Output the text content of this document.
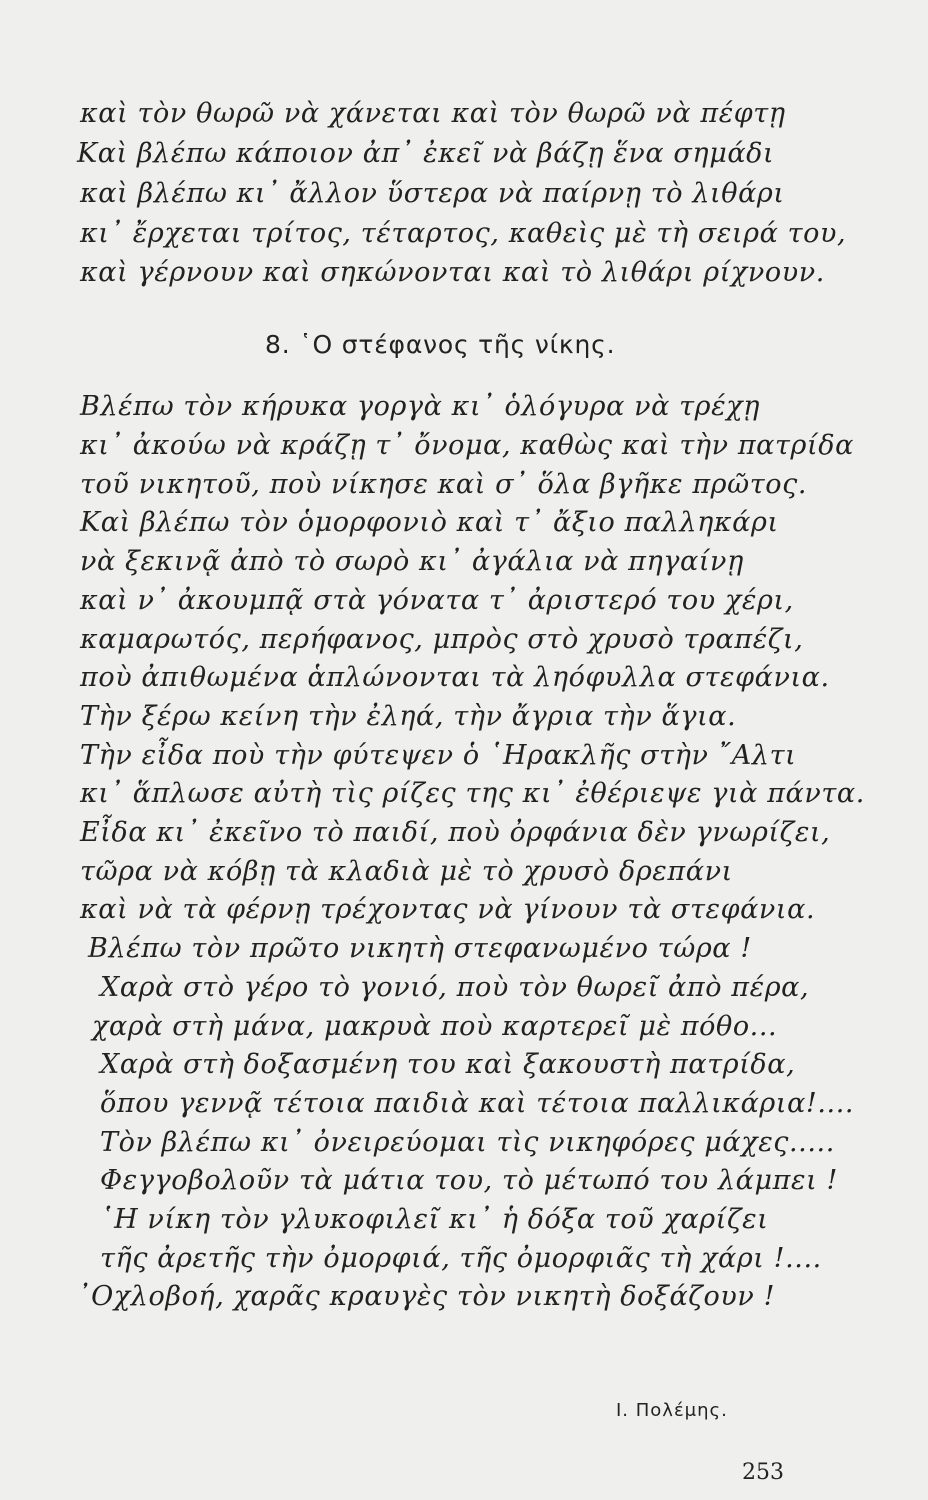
καὶ τὸν θωρῶ νὰ χάνεται καὶ τὸν θωρῶ νὰ πέφτῃ
Καὶ βλέπω κάποιον ἀπ᾽ ἐκεῖ νὰ βάζῃ ἕνα σημάδι
καὶ βλέπω κι᾽ ἄλλον ὕστερα νὰ παίρνῃ τὸ λιθάρι
κι᾽ ἔρχεται τρίτος, τέταρτος, καθεὶς μὲ τὴ σειρά του,
καὶ γέρνουν καὶ σηκώνονται καὶ τὸ λιθάρι ρίχνουν.
8. ῾Ο στέφανος τῆς νίκης.
Βλέπω τὸν κήρυκα γοργὰ κι᾽ ὁλόγυρα νὰ τρέχῃ
κι᾽ ἀκούω νὰ κράζῃ τ᾽ ὄνομα, καθὼς καὶ τὴν πατρίδα
τοῦ νικητοῦ, ποὺ νίκησε καὶ σ᾽ ὅλα βγῆκε πρῶτος.
Καὶ βλέπω τὸν ὁμορφονιὸ καὶ τ᾽ ἄξιο παλληκάρι
νὰ ξεκινᾷ ἀπὸ τὸ σωρὸ κι᾽ ἀγάλια νὰ πηγαίνῃ
καὶ ν᾽ ἀκουμπᾷ στὰ γόνατα τ᾽ ἀριστερό του χέρι,
καμαρωτός, περήφανος, μπρὸς στὸ χρυσὸ τραπέζι,
ποὺ ἀπιθωμένα ἁπλώνονται τὰ ληόφυλλα στεφάνια.
Τὴν ξέρω κείνη τὴν ἐληά, τὴν ἄγρια τὴν ἅγια.
Τὴν εἶδα ποὺ τὴν φύτεψεν ὁ ῾Ηρακλῆς στὴν ῎Αλτι
κι᾽ ἅπλωσε αὐτὴ τὶς ρίζες της κι᾽ ἐθέριεψε γιὰ πάντα.
Εἶδα κι᾽ ἐκεῖνο τὸ παιδί, ποὺ ὀρφάνια δὲν γνωρίζει,
τῶρα νὰ κόβῃ τὰ κλαδιὰ μὲ τὸ χρυσὸ δρεπάνι
καὶ νὰ τὰ φέρνῃ τρέχοντας νὰ γίνουν τὰ στεφάνια.
Βλέπω τὸν πρῶτο νικητὴ στεφανωμένο τώρα !
Χαρὰ στὸ γέρο τὸ γονιό, ποὺ τὸν θωρεῖ ἀπὸ πέρα,
χαρὰ στὴ μάνα, μακρυὰ ποὺ καρτερεῖ μὲ πόθο...
Χαρὰ στὴ δοξασμένη του καὶ ξακουστὴ πατρίδα,
ὅπου γεννᾷ τέτοια παιδιὰ καὶ τέτοια παλλικάρια!....
Τὸν βλέπω κι᾽ ὀνειρεύομαι τὶς νικηφόρες μάχες.....
Φεγγοβολοῦν τὰ μάτια του, τὸ μέτωπό του λάμπει !
῾Η νίκη τὸν γλυκοφιλεῖ κι᾽ ἡ δόξα τοῦ χαρίζει
τῆς ἀρετῆς τὴν ὀμορφιά, τῆς ὀμορφιᾶς τὴ χάρι !....
᾽Οχλοβοή, χαρᾶς κραυγὲς τὸν νικητὴ δοξάζουν !
Ι. Πολέμης.
253
